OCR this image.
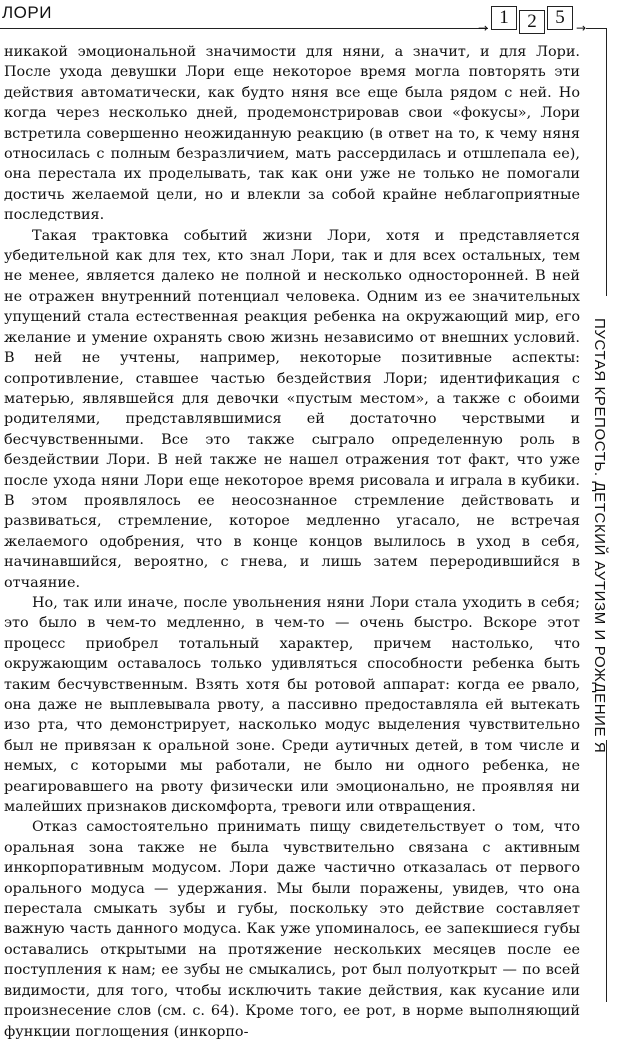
ЛОРИ
→ 1 2 5 →
ПУСТАЯ КРЕПОСТЬ. ДЕТСКИЙ АУТИЗМ И РОЖДЕНИЕ Я

никакой эмоциональной значимости для няни, а значит, и для Лори. После ухода девушки Лори еще некоторое время могла повторять эти действия автоматически, как будто няня все еще была рядом с ней. Но когда через несколько дней, продемонстрировав свои «фокусы», Лори встретила совершенно неожиданную реакцию (в ответ на то, к чему няня относилась с полным безразличием, мать рассердилась и отшлепала ее), она перестала их проделывать, так как они уже не только не помогали достичь желаемой цели, но и влекли за собой крайне неблагоприятные последствия.

Такая трактовка событий жизни Лори, хотя и представляется убедительной как для тех, кто знал Лори, так и для всех остальных, тем не менее, является далеко не полной и несколько односторонней. В ней не отражен внутренний потенциал человека. Одним из ее значительных упущений стала естественная реакция ребенка на окружающий мир, его желание и умение охранять свою жизнь независимо от внешних условий. В ней не учтены, например, некоторые позитивные аспекты: сопротивление, ставшее частью бездействия Лори; идентификация с матерью, являвшейся для девочки «пустым местом», а также с обоими родителями, представлявшимися ей достаточно черствыми и бесчувственными. Все это также сыграло определенную роль в бездействии Лори. В ней также не нашел отражения тот факт, что уже после ухода няни Лори еще некоторое время рисовала и играла в кубики. В этом проявлялось ее неосознанное стремление действовать и развиваться, стремление, которое медленно угасало, не встречая желаемого одобрения, что в конце концов вылилось в уход в себя, начинавшийся, вероятно, с гнева, и лишь затем переродившийся в отчаяние.

Но, так или иначе, после увольнения няни Лори стала уходить в себя; это было в чем-то медленно, в чем-то — очень быстро. Вскоре этот процесс приобрел тотальный характер, причем настолько, что окружающим оставалось только удивляться способности ребенка быть таким бесчувственным. Взять хотя бы ротовой аппарат: когда ее рвало, она даже не выплевывала рвоту, а пассивно предоставляла ей вытекать изо рта, что демонстрирует, насколько модус выделения чувствительно был не привязан к оральной зоне. Среди аутичных детей, в том числе и немых, с которыми мы работали, не было ни одного ребенка, не реагировавшего на рвоту физически или эмоционально, не проявляя ни малейших признаков дискомфорта, тревоги или отвращения.

Отказ самостоятельно принимать пищу свидетельствует о том, что оральная зона также не была чувствительно связана с активным инкорпоративным модусом. Лори даже частично отказалась от первого орального модуса — удержания. Мы были поражены, увидев, что она перестала смыкать зубы и губы, поскольку это действие составляет важную часть данного модуса. Как уже упоминалось, ее запекшиеся губы оставались открытыми на протяжение нескольких месяцев после ее поступления к нам; ее зубы не смыкались, рот был полуоткрыт — по всей видимости, для того, чтобы исключить такие действия, как кусание или произнесение слов (см. с. 64). Кроме того, ее рот, в норме выполняющий функции поглощения (инкорпо-
